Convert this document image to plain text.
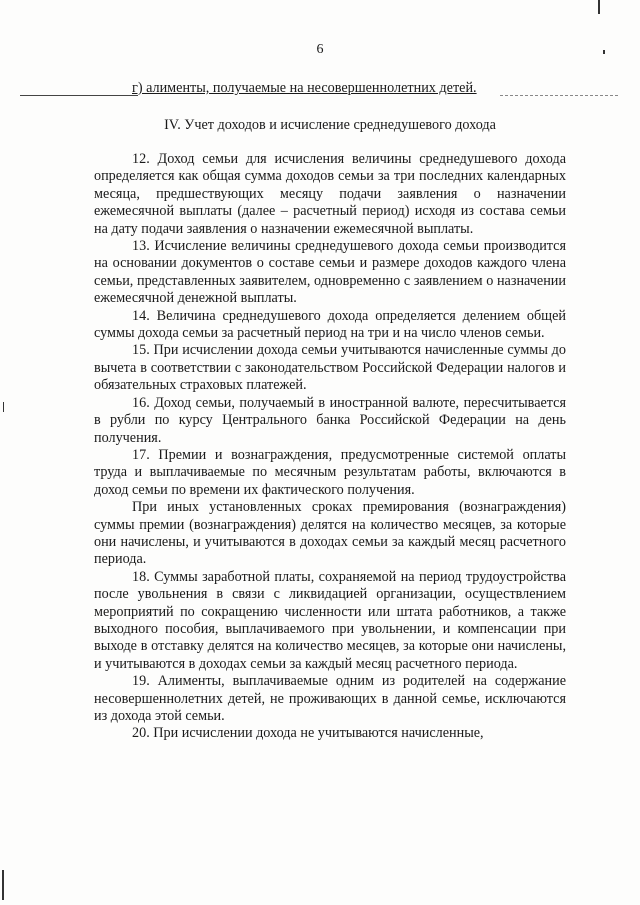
6
г) алименты, получаемые на несовершеннолетних детей.
IV. Учет доходов и исчисление среднедушевого дохода

12. Доход семьи для исчисления величины среднедушевого дохода определяется как общая сумма доходов семьи за три последних календарных месяца, предшествующих месяцу подачи заявления о назначении ежемесячной выплаты (далее – расчетный период) исходя из состава семьи на дату подачи заявления о назначении ежемесячной выплаты.

13. Исчисление величины среднедушевого дохода семьи производится на основании документов о составе семьи и размере доходов каждого члена семьи, представленных заявителем, одновременно с заявлением о назначении ежемесячной денежной выплаты.

14. Величина среднедушевого дохода определяется делением общей суммы дохода семьи за расчетный период на три и на число членов семьи.

15. При исчислении дохода семьи учитываются начисленные суммы до вычета в соответствии с законодательством Российской Федерации налогов и обязательных страховых платежей.

16. Доход семьи, получаемый в иностранной валюте, пересчитывается в рубли по курсу Центрального банка Российской Федерации на день получения.

17. Премии и вознаграждения, предусмотренные системой оплаты труда и выплачиваемые по месячным результатам работы, включаются в доход семьи по времени их фактического получения.

При иных установленных сроках премирования (вознаграждения) суммы премии (вознаграждения) делятся на количество месяцев, за которые они начислены, и учитываются в доходах семьи за каждый месяц расчетного периода.

18. Суммы заработной платы, сохраняемой на период трудоустройства после увольнения в связи с ликвидацией организации, осуществлением мероприятий по сокращению численности или штата работников, а также выходного пособия, выплачиваемого при увольнении, и компенсации при выходе в отставку делятся на количество месяцев, за которые они начислены, и учитываются в доходах семьи за каждый месяц расчетного периода.

19. Алименты, выплачиваемые одним из родителей на содержание несовершеннолетних детей, не проживающих в данной семье, исключаются из дохода этой семьи.

20. При исчислении дохода не учитываются начисленные,
